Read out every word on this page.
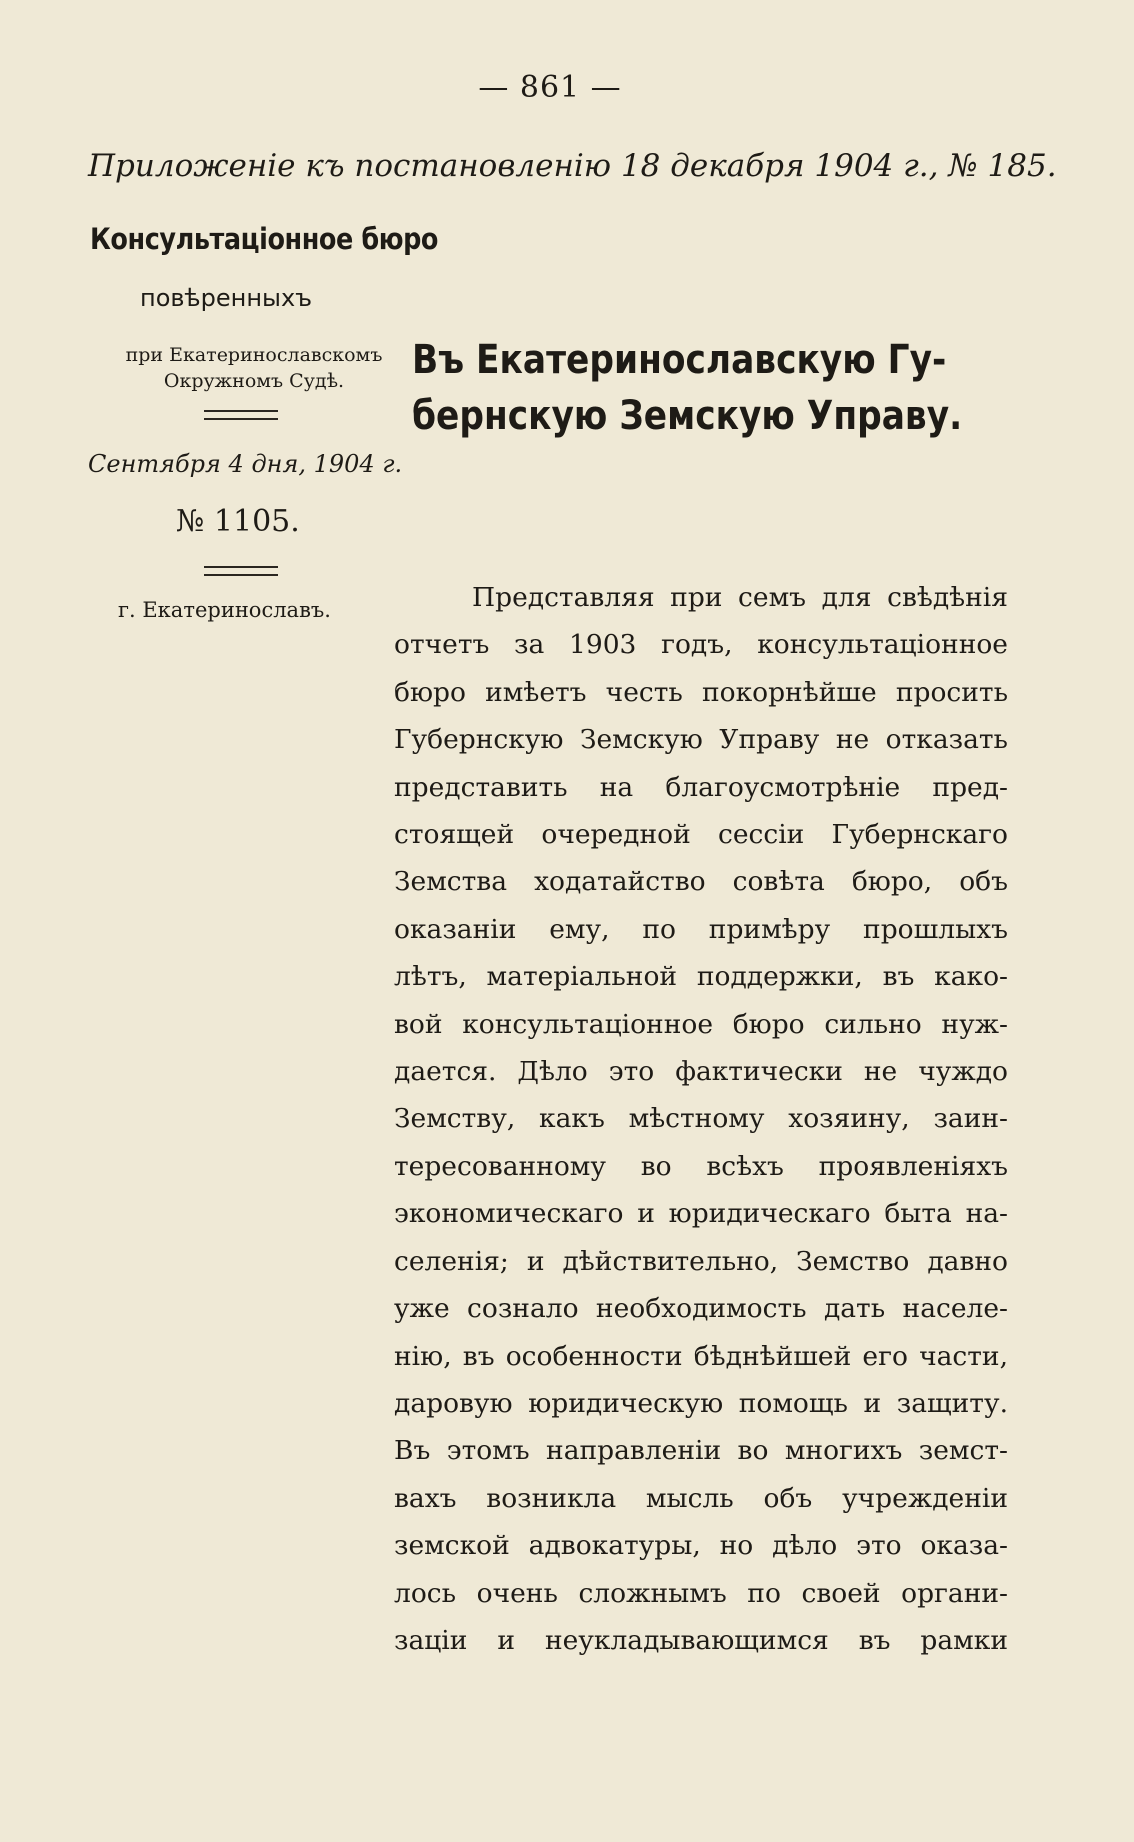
— 861 —
Приложеніе къ постановленію 18 декабря 1904 г., № 185.
Консультаціонное бюро
повѣренныхъ
при Екатеринославскомъ
Окружномъ Судѣ.
Сентября 4 дня, 1904 г.
№ 1105.
г. Екатеринославъ.
Въ Екатеринославскую Гу-
бернскую Земскую Управу.
Представляя при семъ для свѣдѣнія
отчетъ за 1903 годъ, консультаціонное
бюро имѣетъ честь покорнѣйше просить
Губернскую Земскую Управу не отказать
представить на благоусмотрѣніе пред-
стоящей очередной сессіи Губернскаго
Земства ходатайство совѣта бюро, объ
оказаніи ему, по примѣру прошлыхъ
лѣтъ, матеріальной поддержки, въ како-
вой консультаціонное бюро сильно нуж-
дается. Дѣло это фактически не чуждо
Земству, какъ мѣстному хозяину, заин-
тересованному во всѣхъ проявленіяхъ
экономическаго и юридическаго быта на-
селенія; и дѣйствительно, Земство давно
уже сознало необходимость дать населе-
нію, въ особенности бѣднѣйшей его части,
даровую юридическую помощь и защиту.
Въ этомъ направленіи во многихъ земст-
вахъ возникла мысль объ учрежденіи
земской адвокатуры, но дѣло это оказа-
лось очень сложнымъ по своей органи-
заціи и неукладывающимся въ рамки
